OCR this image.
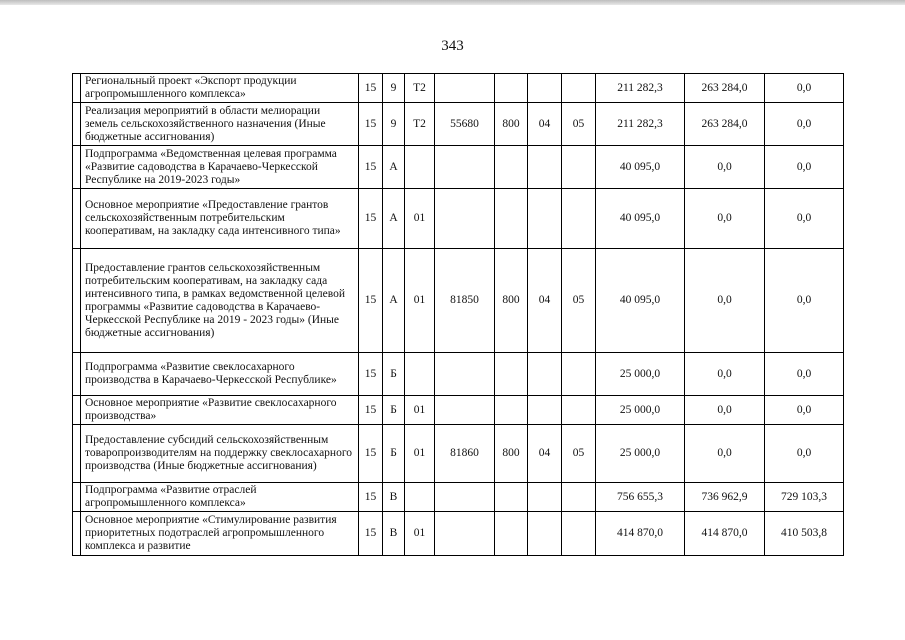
343
	Региональный проект «Экспорт продукции агропромышленного комплекса»	15	9	Т2					211 282,3	263 284,0	0,0
	Реализация мероприятий в области мелиорации земель сельскохозяйственного назначения (Иные бюджетные ассигнования)	15	9	Т2	55680	800	04	05	211 282,3	263 284,0	0,0
	Подпрограмма «Ведомственная целевая программа «Развитие садоводства в Карачаево-Черкесской Республике на 2019-2023 годы»	15	А						40 095,0	0,0	0,0
	Основное мероприятие «Предоставление грантов сельскохозяйственным потребительским кооперативам, на закладку сада интенсивного типа»	15	А	01					40 095,0	0,0	0,0
	Предоставление грантов сельскохозяйственным потребительским кооперативам, на закладку сада интенсивного типа, в рамках ведомственной целевой программы «Развитие садоводства в Карачаево-Черкесской Республике на 2019 - 2023 годы» (Иные бюджетные ассигнования)	15	А	01	81850	800	04	05	40 095,0	0,0	0,0
	Подпрограмма «Развитие свеклосахарного производства в Карачаево-Черкесской Республике»	15	Б						25 000,0	0,0	0,0
	Основное мероприятие «Развитие свеклосахарного производства»	15	Б	01					25 000,0	0,0	0,0
	Предоставление субсидий сельскохозяйственным товаропроизводителям на поддержку свеклосахарного производства (Иные бюджетные ассигнования)	15	Б	01	81860	800	04	05	25 000,0	0,0	0,0
	Подпрограмма «Развитие отраслей агропромышленного комплекса»	15	В						756 655,3	736 962,9	729 103,3
	Основное мероприятие «Стимулирование развития приоритетных подотраслей агропромышленного комплекса и развитие	15	В	01					414 870,0	414 870,0	410 503,8
